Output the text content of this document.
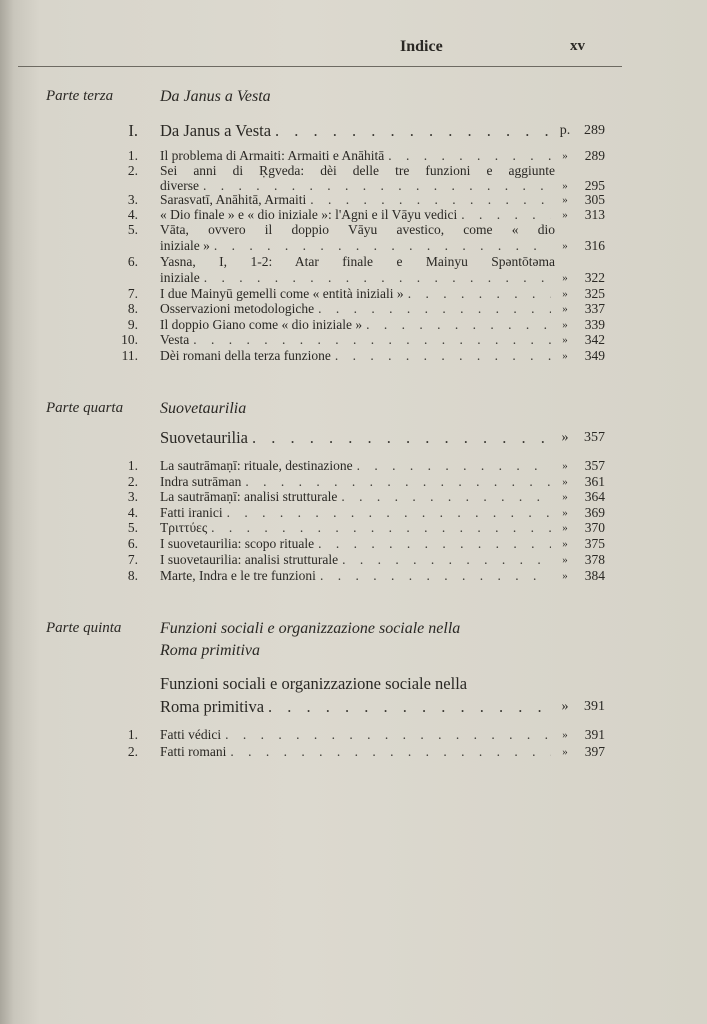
Indice	xv
Parte terza	Da Janus a Vesta
I. Da Janus a Vesta . . .	p. 289
1. Il problema di Armaiti: Armaiti e Anāhitā . . .	»	289
2. Sei anni di Ṛgveda: dèi delle tre funzioni e aggiunte
diverse . . .	»	295
3. Sarasvatī, Anāhitā, Armaiti . . .	»	305
4. « Dio finale » e « dio iniziale »: l'Agni e il Vāyu vedici . . .	»	313
5. Vāta, ovvero il doppio Vāyu avestico, come « dio
iniziale » . . .	»	316
6. Yasna, I, 1-2: Atar finale e Mainyu Spəntōtəma
iniziale . . .	»	322
7. I due Mainyū gemelli come « entità iniziali » . . .	»	325
8. Osservazioni metodologiche . . .	»	337
9. Il doppio Giano come « dio iniziale » . . .	»	339
10. Vesta . . .	»	342
11. Dèi romani della terza funzione . . .	»	349
Parte quarta Suovetaurilia
Suovetaurilia . . .	»	357
1. La sautrāmaṇī: rituale, destinazione . . .	»	357
2. Indra sutrāman . . .	»	361
3. La sautrāmaṇī: analisi strutturale . . .	»	364
4. Fatti iranici . . .	»	369
5. Τριττύες . . .	»	370
6. I suovetaurilia: scopo rituale . . .	»	375
7. I suovetaurilia: analisi strutturale . . .	»	378
8. Marte, Indra e le tre funzioni . . .	»	384
Parte quinta Funzioni sociali e organizzazione sociale nella
Roma primitiva
Funzioni sociali e organizzazione sociale nella
Roma primitiva . . .	»	391
1. Fatti védici . . .	»	391
2. Fatti romani . . .	»	397
